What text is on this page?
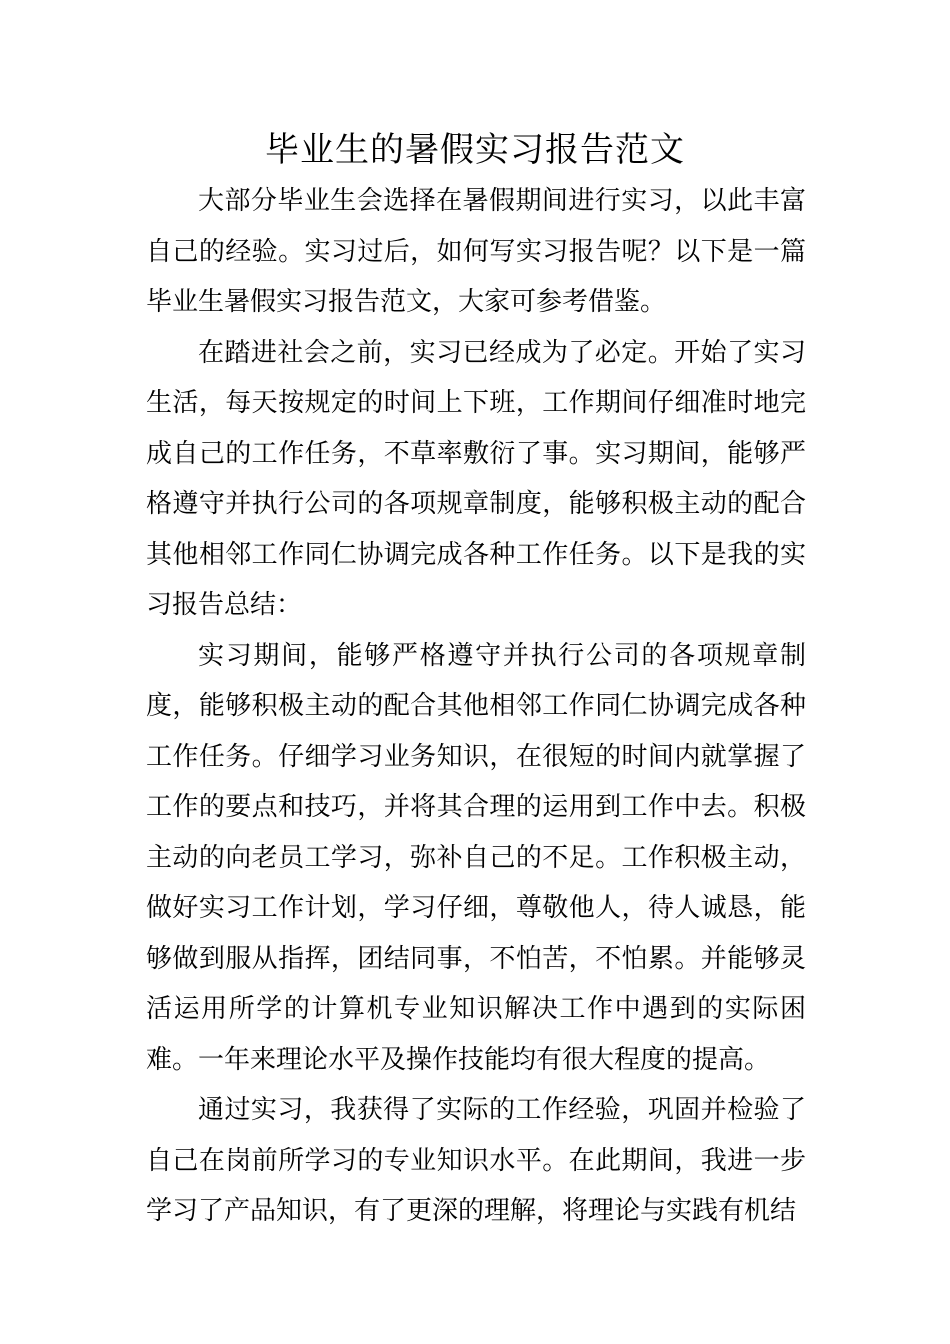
毕业生的暑假实习报告范文

大部分毕业生会选择在暑假期间进行实习，以此丰富自己的经验。实习过后，如何写实习报告呢？以下是一篇毕业生暑假实习报告范文，大家可参考借鉴。

在踏进社会之前，实习已经成为了必定。开始了实习生活，每天按规定的时间上下班，工作期间仔细准时地完成自己的工作任务，不草率敷衍了事。实习期间，能够严格遵守并执行公司的各项规章制度，能够积极主动的配合其他相邻工作同仁协调完成各种工作任务。以下是我的实习报告总结：

实习期间，能够严格遵守并执行公司的各项规章制度，能够积极主动的配合其他相邻工作同仁协调完成各种工作任务。仔细学习业务知识，在很短的时间内就掌握了工作的要点和技巧，并将其合理的运用到工作中去。积极主动的向老员工学习，弥补自己的不足。工作积极主动，做好实习工作计划，学习仔细，尊敬他人，待人诚恳，能够做到服从指挥，团结同事，不怕苦，不怕累。并能够灵活运用所学的计算机专业知识解决工作中遇到的实际困难。一年来理论水平及操作技能均有很大程度的提高。

通过实习，我获得了实际的工作经验，巩固并检验了自己在岗前所学习的专业知识水平。在此期间，我进一步学习了产品知识，有了更深的理解，将理论与实践有机结
